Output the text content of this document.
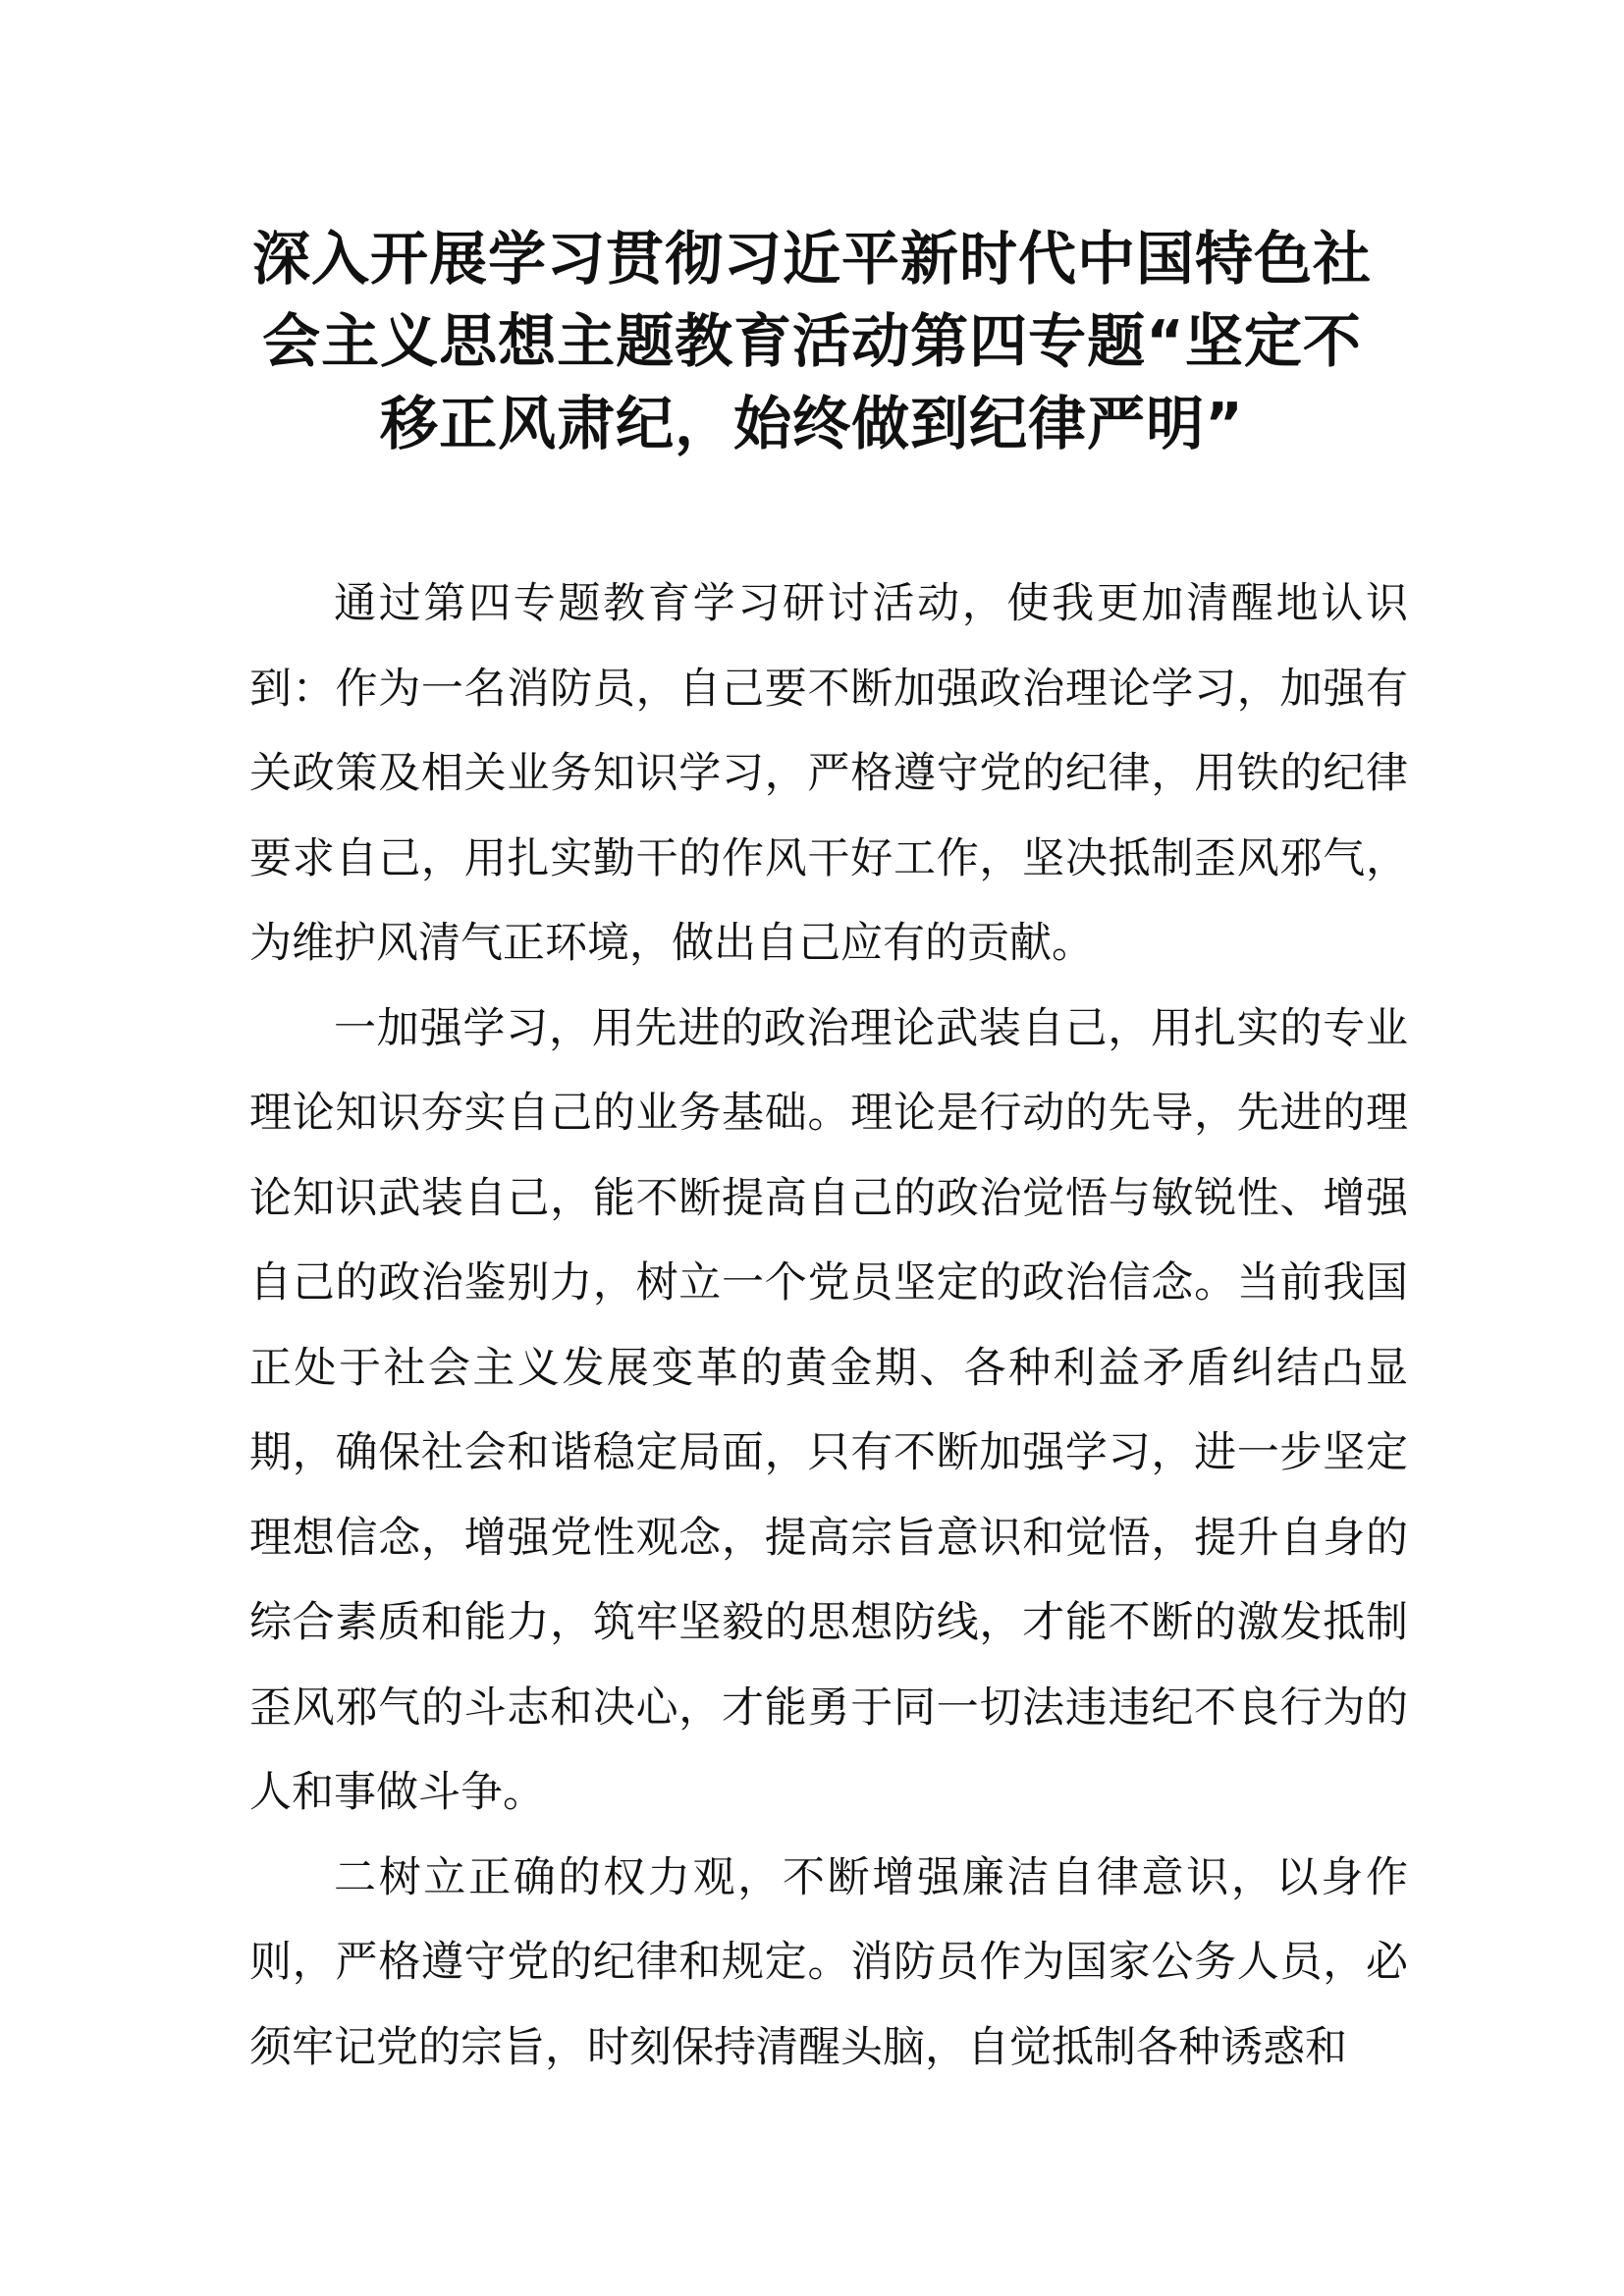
深入开展学习贯彻习近平新时代中国特色社会主义思想主题教育活动第四专题“坚定不移正风肃纪，始终做到纪律严明”

通过第四专题教育学习研讨活动，使我更加清醒地认识到：作为一名消防员，自己要不断加强政治理论学习，加强有关政策及相关业务知识学习，严格遵守党的纪律，用铁的纪律要求自己，用扎实勤干的作风干好工作，坚决抵制歪风邪气，为维护风清气正环境，做出自己应有的贡献。

一加强学习，用先进的政治理论武装自己，用扎实的专业理论知识夯实自己的业务基础。理论是行动的先导，先进的理论知识武装自己，能不断提高自己的政治觉悟与敏锐性、增强自己的政治鉴别力，树立一个党员坚定的政治信念。当前我国正处于社会主义发展变革的黄金期、各种利益矛盾纠结凸显期，确保社会和谐稳定局面，只有不断加强学习，进一步坚定理想信念，增强党性观念，提高宗旨意识和觉悟，提升自身的综合素质和能力，筑牢坚毅的思想防线，才能不断的激发抵制歪风邪气的斗志和决心，才能勇于同一切法违违纪不良行为的人和事做斗争。

二树立正确的权力观，不断增强廉洁自律意识，以身作则，严格遵守党的纪律和规定。消防员作为国家公务人员，必须牢记党的宗旨，时刻保持清醒头脑，自觉抵制各种诱惑和
